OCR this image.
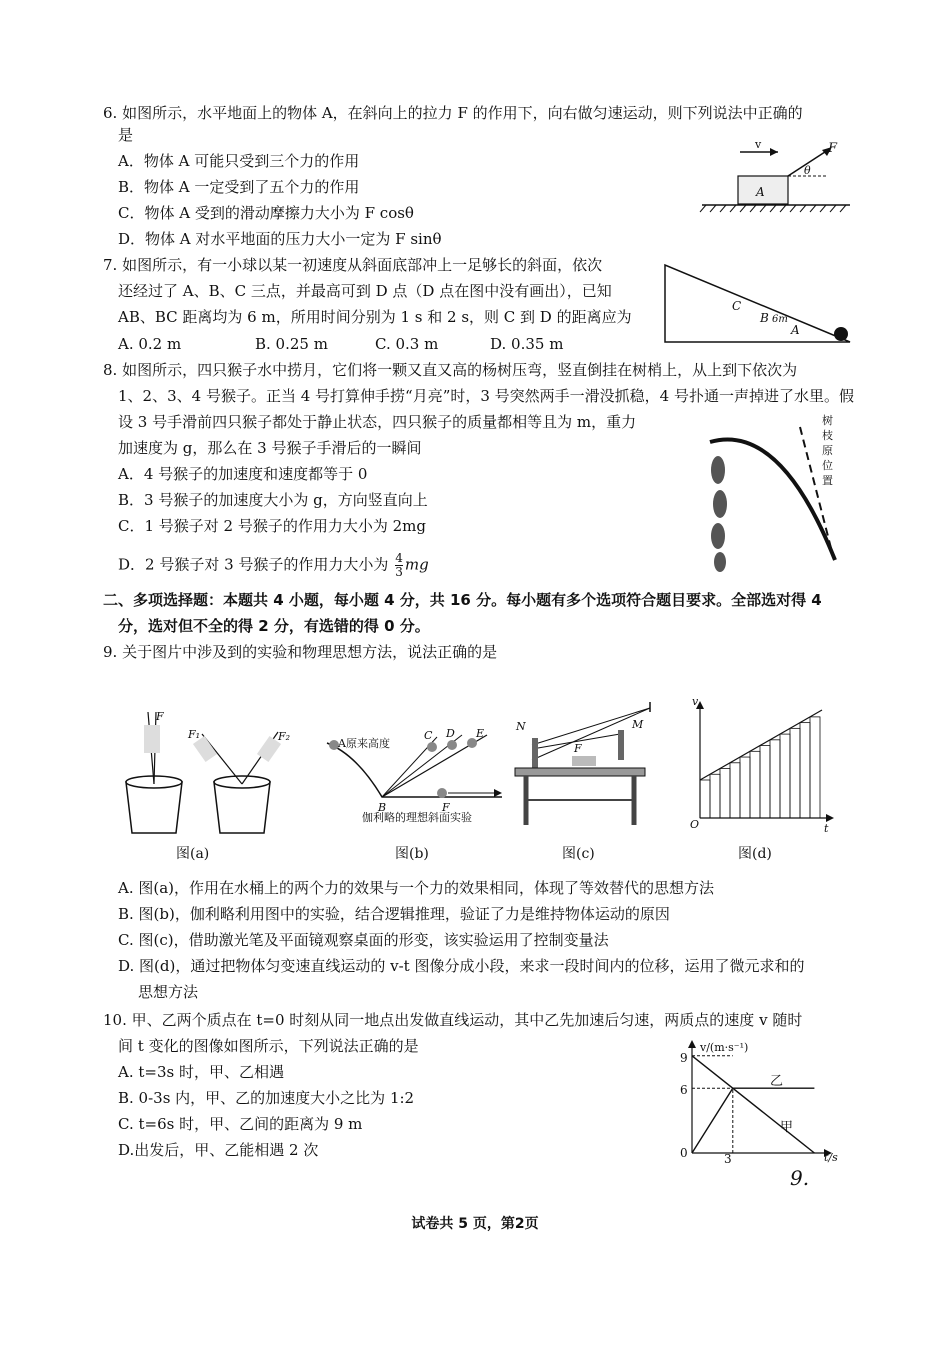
6. 如图所示，水平地面上的物体 A，在斜向上的拉力 F 的作用下，向右做匀速运动，则下列说法中正确的
是
A．物体 A 可能只受到三个力的作用
B．物体 A 一定受到了五个力的作用
C．物体 A 受到的滑动摩擦力大小为 F cosθ
D．物体 A 对水平地面的压力大小一定为 F sinθ
v
A
F
θ
7. 如图所示，有一小球以某一初速度从斜面底部冲上一足够长的斜面，依次
还经过了 A、B、C 三点，并最高可到 D 点（D 点在图中没有画出），已知
AB、BC 距离均为 6 m，所用时间分别为 1 s 和 2 s，则 C 到 D 的距离应为
A. 0.2 m	B. 0.25 m	C. 0.3 m	D. 0.35 m
C
B 6m
A
8. 如图所示，四只猴子水中捞月，它们将一颗又直又高的杨树压弯，竖直倒挂在树梢上，从上到下依次为
1、2、3、4 号猴子。正当 4 号打算伸手捞“月亮”时，3 号突然两手一滑没抓稳，4 号扑通一声掉进了水里。假
设 3 号手滑前四只猴子都处于静止状态，四只猴子的质量都相等且为 m，重力
加速度为 g，那么在 3 号猴子手滑后的一瞬间
A．4 号猴子的加速度和速度都等于 0
B．3 号猴子的加速度大小为 g，方向竖直向上
C．1 号猴子对 2 号猴子的作用力大小为 2mg
D．2 号猴子对 3 号猴子的作用力大小为 $\frac{4}{3}$ mg
树
枝
原
位
置
二、多项选择题：本题共 4 小题，每小题 4 分，共 16 分。每小题有多个选项符合题目要求。全部选对得 4
分，选对但不全的得 2 分，有选错的得 0 分。
9. 关于图片中涉及到的实验和物理思想方法，说法正确的是
F
F₁	F₂
图(a)
A原来高度
B
C D E
F
伽利略的理想斜面实验
图(b)
N	M
F
图(c)
v
O	t
图(d)
A. 图(a)，作用在水桶上的两个力的效果与一个力的效果相同，体现了等效替代的思想方法
B. 图(b)，伽利略利用图中的实验，结合逻辑推理，验证了力是维持物体运动的原因
C. 图(c)，借助激光笔及平面镜观察桌面的形变，该实验运用了控制变量法
D. 图(d)，通过把物体匀变速直线运动的 v-t 图像分成小段，来求一段时间内的位移，运用了微元求和的
思想方法
10. 甲、乙两个质点在 t=0 时刻从同一地点出发做直线运动，其中乙先加速后匀速，两质点的速度 v 随时
间 t 变化的图像如图所示，下列说法正确的是
A. t=3s 时，甲、乙相遇
B. 0-3s 内，甲、乙的加速度大小之比为 1:2
C. t=6s 时，甲、乙间的距离为 9 m
D.出发后，甲、乙能相遇 2 次
v/(m·s⁻¹)
t/s
9
6
3
0
乙
甲
9.
试卷共 5 页，第2页
